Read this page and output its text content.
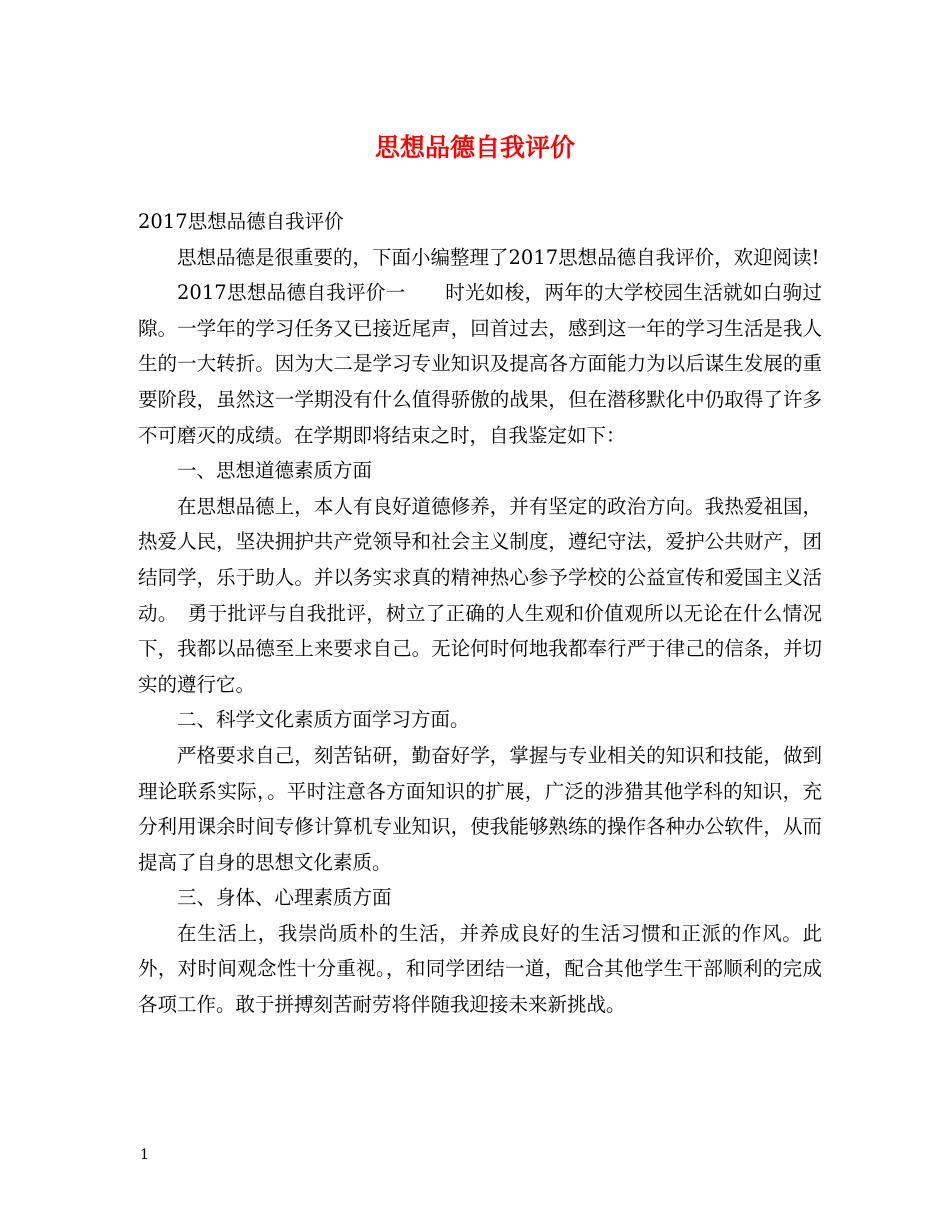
思想品德自我评价

2017思想品德自我评价

思想品德是很重要的，下面小编整理了2017思想品德自我评价，欢迎阅读!

2017思想品德自我评价一　　时光如梭，两年的大学校园生活就如白驹过隙。一学年的学习任务又已接近尾声，回首过去，感到这一年的学习生活是我人生的一大转折。因为大二是学习专业知识及提高各方面能力为以后谋生发展的重要阶段，虽然这一学期没有什么值得骄傲的战果，但在潜移默化中仍取得了许多不可磨灭的成绩。在学期即将结束之时，自我鉴定如下：

一、思想道德素质方面

在思想品德上，本人有良好道德修养，并有坚定的政治方向。我热爱祖国，热爱人民，坚决拥护共产党领导和社会主义制度，遵纪守法，爱护公共财产，团结同学，乐于助人。并以务实求真的精神热心参予学校的公益宣传和爱国主义活动。　勇于批评与自我批评，树立了正确的人生观和价值观所以无论在什么情况下，我都以品德至上来要求自己。无论何时何地我都奉行严于律己的信条，并切实的遵行它。

二、科学文化素质方面学习方面。

严格要求自己，刻苦钻研，勤奋好学，掌握与专业相关的知识和技能，做到理论联系实际，。平时注意各方面知识的扩展，广泛的涉猎其他学科的知识，充分利用课余时间专修计算机专业知识，使我能够熟练的操作各种办公软件，从而提高了自身的思想文化素质。

三、身体、心理素质方面

在生活上，我崇尚质朴的生活，并养成良好的生活习惯和正派的作风。此外，对时间观念性十分重视。，和同学团结一道，配合其他学生干部顺利的完成各项工作。敢于拼搏刻苦耐劳将伴随我迎接未来新挑战。

1
